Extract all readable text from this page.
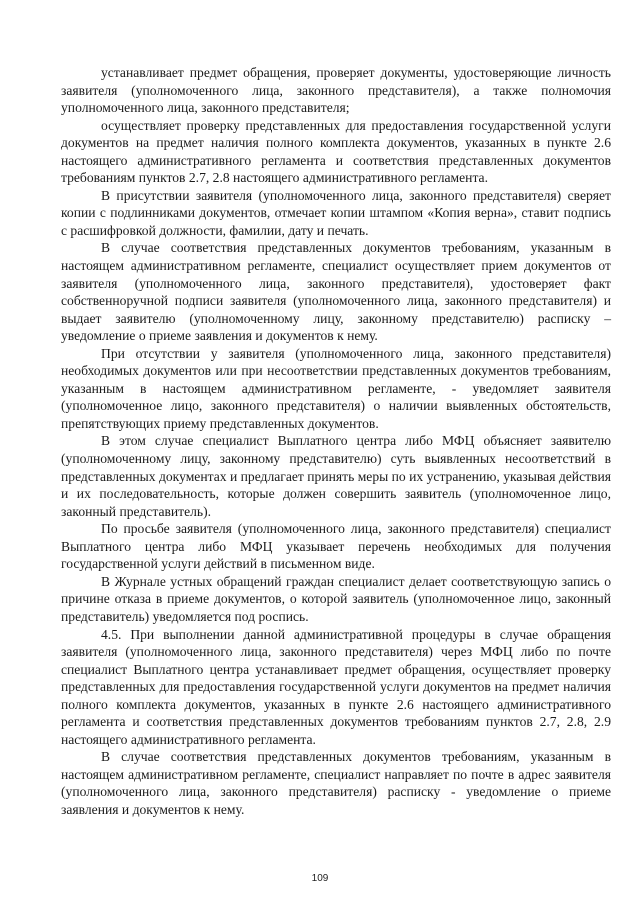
устанавливает предмет обращения, проверяет документы, удостоверяющие личность заявителя (уполномоченного лица, законного представителя), а также полномочия уполномоченного лица, законного представителя;

осуществляет проверку представленных для предоставления государственной услуги документов на предмет наличия полного комплекта документов, указанных в пункте 2.6 настоящего административного регламента и соответствия представленных документов требованиям пунктов 2.7, 2.8 настоящего административного регламента.

В присутствии заявителя (уполномоченного лица, законного представителя) сверяет копии с подлинниками документов, отмечает копии штампом «Копия верна», ставит подпись с расшифровкой должности, фамилии, дату и печать.

В случае соответствия представленных документов требованиям, указанным в настоящем административном регламенте, специалист осуществляет прием документов от заявителя (уполномоченного лица, законного представителя), удостоверяет факт собственноручной подписи заявителя (уполномоченного лица, законного представителя) и выдает заявителю (уполномоченному лицу, законному представителю) расписку – уведомление о приеме заявления и документов к нему.

При отсутствии у заявителя (уполномоченного лица, законного представителя) необходимых документов или при несоответствии представленных документов требованиям, указанным в настоящем административном регламенте, - уведомляет заявителя (уполномоченное лицо, законного представителя) о наличии выявленных обстоятельств, препятствующих приему представленных документов.

В этом случае специалист Выплатного центра либо МФЦ объясняет заявителю (уполномоченному лицу, законному представителю) суть выявленных несоответствий в представленных документах и предлагает принять меры по их устранению, указывая действия и их последовательность, которые должен совершить заявитель (уполномоченное лицо, законный представитель).

По просьбе заявителя (уполномоченного лица, законного представителя) специалист Выплатного центра либо МФЦ указывает перечень необходимых для получения государственной услуги действий в письменном виде.

В Журнале устных обращений граждан специалист делает соответствующую запись о причине отказа в приеме документов, о которой заявитель (уполномоченное лицо, законный представитель) уведомляется под роспись.

4.5. При выполнении данной административной процедуры в случае обращения заявителя (уполномоченного лица, законного представителя) через МФЦ либо по почте специалист Выплатного центра устанавливает предмет обращения, осуществляет проверку представленных для предоставления государственной услуги документов на предмет наличия полного комплекта документов, указанных в пункте 2.6 настоящего административного регламента и соответствия представленных документов требованиям пунктов 2.7, 2.8, 2.9 настоящего административного регламента.

В случае соответствия представленных документов требованиям, указанным в настоящем административном регламенте, специалист направляет по почте в адрес заявителя (уполномоченного лица, законного представителя) расписку - уведомление о приеме заявления и документов к нему.

109
